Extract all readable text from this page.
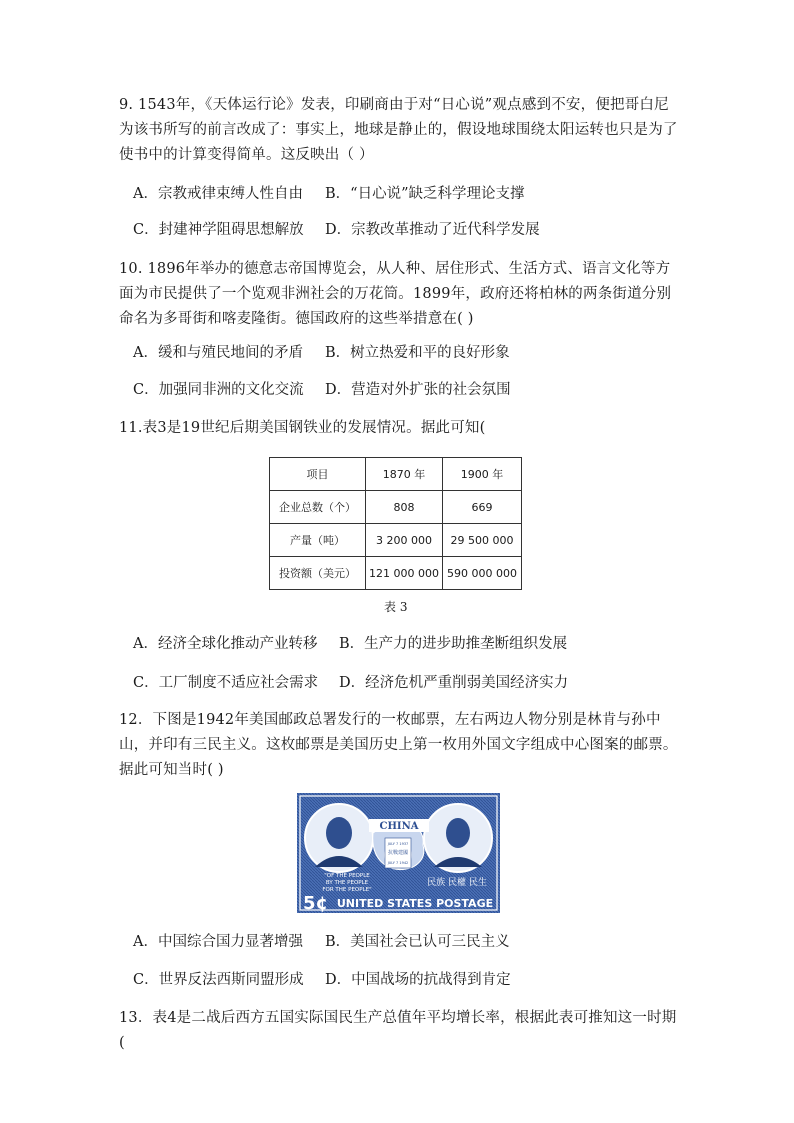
9. 1543年，《天体运行论》发表，印刷商由于对“日心说”观点感到不安，便把哥白尼为该书所写的前言改成了：事实上，地球是静止的，假设地球围绕太阳运转也只是为了使书中的计算变得简单。这反映出（ ）
A．宗教戒律束缚人性自由 B．“日心说”缺乏科学理论支撑
C．封建神学阻碍思想解放 D．宗教改革推动了近代科学发展
10. 1896年举办的德意志帝国博览会，从人种、居住形式、生活方式、语言文化等方面为市民提供了一个览观非洲社会的万花筒。1899年，政府还将柏林的两条街道分别命名为多哥街和喀麦隆街。德国政府的这些举措意在( )
A．缓和与殖民地间的矛盾 B．树立热爱和平的良好形象
C．加强同非洲的文化交流 D．营造对外扩张的社会氛围
11.表3是19世纪后期美国钢铁业的发展情况。据此可知(
项目	1870 年	1900 年
企业总数（个）	808	669
产量（吨）	3 200 000	29 500 000
投资额（美元）	121 000 000	590 000 000
表 3
A．经济全球化推动产业转移 B．生产力的进步助推垄断组织发展
C．工厂制度不适应社会需求 D．经济危机严重削弱美国经济实力
12．下图是1942年美国邮政总署发行的一枚邮票，左右两边人物分别是林肯与孙中山，并印有三民主义。这枚邮票是美国历史上第一枚用外国文字组成中心图案的邮票。据此可知当时( )
CHINA
JULY 7 1937
抗戰建國
JULY 7 1942
"OF THE PEOPLE
BY THE PEOPLE
FOR THE PEOPLE"
民族 民權 民生
5¢ UNITED STATES POSTAGE
A．中国综合国力显著增强 B．美国社会已认可三民主义
C．世界反法西斯同盟形成 D．中国战场的抗战得到肯定
13．表4是二战后西方五国实际国民生产总值年平均增长率，根据此表可推知这一时期(
